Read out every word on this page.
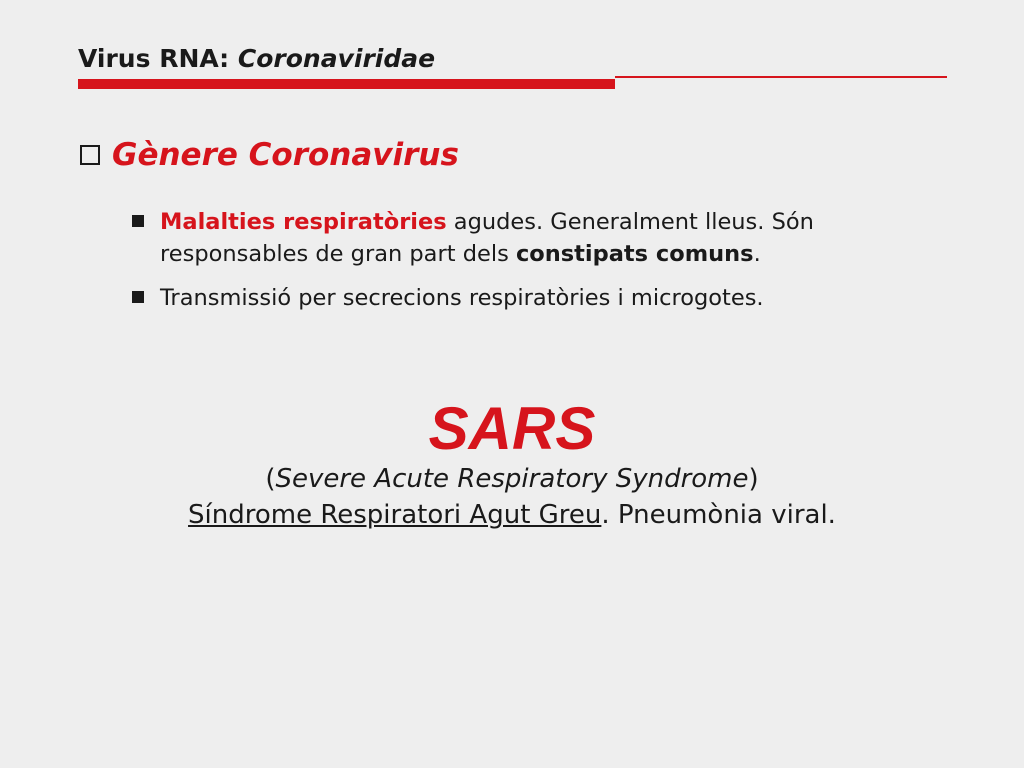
Virus RNA: Coronaviridae
Gènere Coronavirus
Malalties respiratòries agudes. Generalment lleus. Són responsables de gran part dels constipats comuns.
Transmissió per secrecions respiratòries i microgotes.
SARS
(Severe Acute Respiratory Syndrome)
Síndrome Respiratori Agut Greu. Pneumònia viral.
